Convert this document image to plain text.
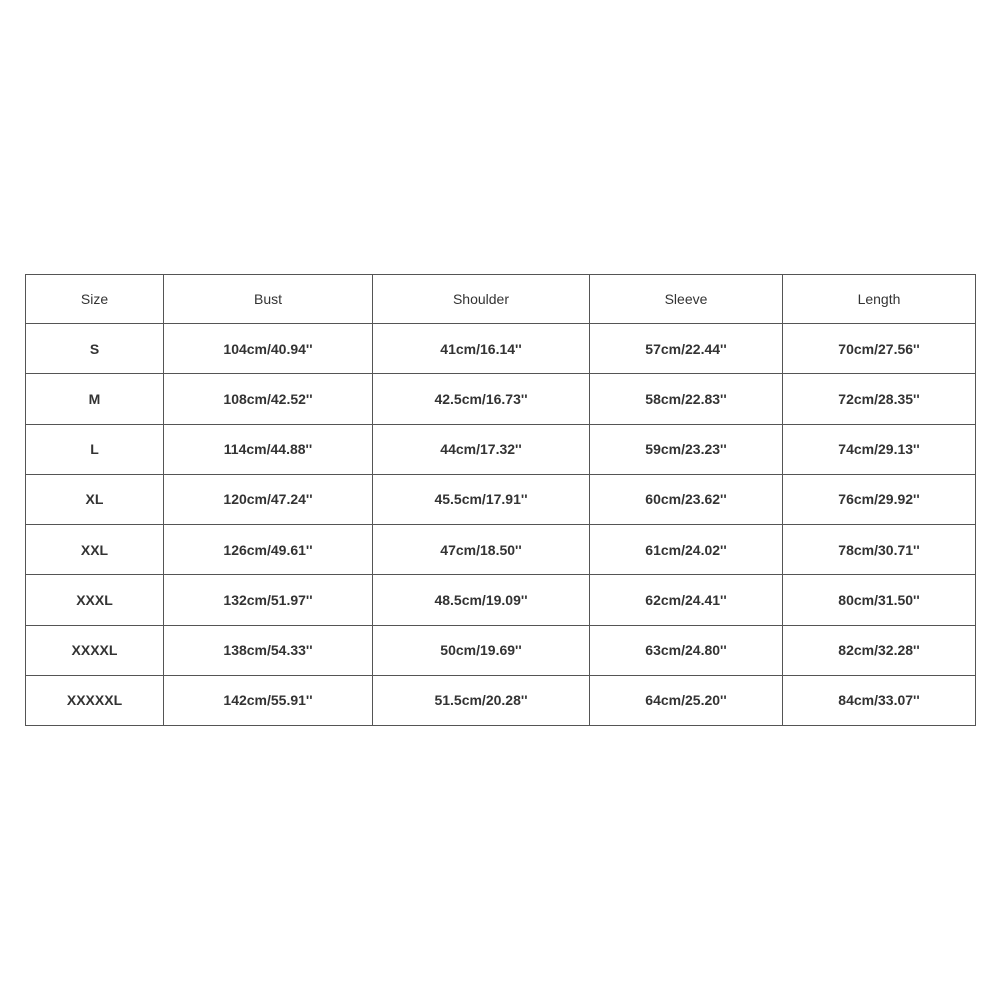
Size	Bust	Shoulder	Sleeve	Length
S	104cm/40.94''	41cm/16.14''	57cm/22.44''	70cm/27.56''
M	108cm/42.52''	42.5cm/16.73''	58cm/22.83''	72cm/28.35''
L	114cm/44.88''	44cm/17.32''	59cm/23.23''	74cm/29.13''
XL	120cm/47.24''	45.5cm/17.91''	60cm/23.62''	76cm/29.92''
XXL	126cm/49.61''	47cm/18.50''	61cm/24.02''	78cm/30.71''
XXXL	132cm/51.97''	48.5cm/19.09''	62cm/24.41''	80cm/31.50''
XXXXL	138cm/54.33''	50cm/19.69''	63cm/24.80''	82cm/32.28''
XXXXXL	142cm/55.91''	51.5cm/20.28''	64cm/25.20''	84cm/33.07''
